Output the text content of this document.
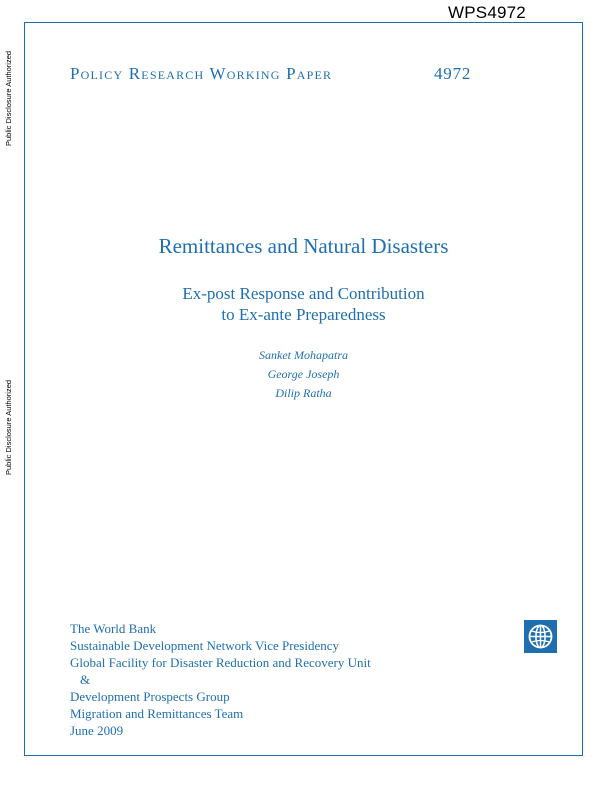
WPS4972
Public Disclosure Authorized
Public Disclosure Authorized
Policy Research Working Paper	4972
Remittances and Natural Disasters
Ex-post Response and Contribution
to Ex-ante Preparedness
Sanket Mohapatra
George Joseph
Dilip Ratha
The World Bank
Sustainable Development Network Vice Presidency
Global Facility for Disaster Reduction and Recovery Unit
&
Development Prospects Group
Migration and Remittances Team
June 2009
